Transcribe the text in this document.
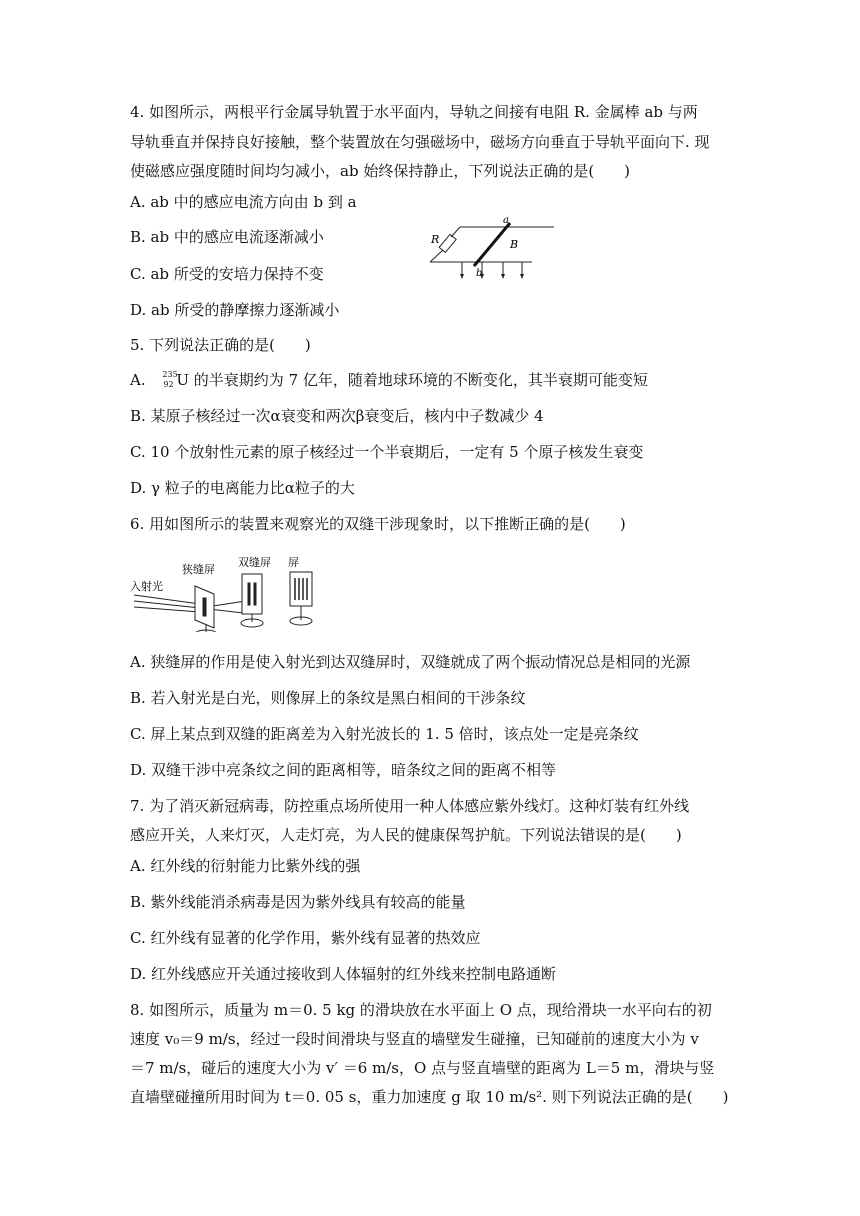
4. 如图所示，两根平行金属导轨置于水平面内，导轨之间接有电阻 R. 金属棒 ab 与两
导轨垂直并保持良好接触，整个装置放在匀强磁场中，磁场方向垂直于导轨平面向下. 现
使磁感应强度随时间均匀减小，ab 始终保持静止，下列说法正确的是(　　)
A. ab 中的感应电流方向由 b 到 a
B. ab 中的感应电流逐渐减小
C. ab 所受的安培力保持不变
D. ab 所受的静摩擦力逐渐减小
R
a
b
B
5. 下列说法正确的是(　　)
A. 235
92 U 的半衰期约为 7 亿年，随着地球环境的不断变化，其半衰期可能变短
B. 某原子核经过一次α衰变和两次β衰变后，核内中子数减少 4
C. 10 个放射性元素的原子核经过一个半衰期后，一定有 5 个原子核发生衰变
D. γ 粒子的电离能力比α粒子的大
6. 用如图所示的装置来观察光的双缝干涉现象时，以下推断正确的是(　　)
入射光
狭缝屏
双缝屏 屏
A. 狭缝屏的作用是使入射光到达双缝屏时，双缝就成了两个振动情况总是相同的光源
B. 若入射光是白光，则像屏上的条纹是黑白相间的干涉条纹
C. 屏上某点到双缝的距离差为入射光波长的 1. 5 倍时，该点处一定是亮条纹
D. 双缝干涉中亮条纹之间的距离相等，暗条纹之间的距离不相等
7. 为了消灭新冠病毒，防控重点场所使用一种人体感应紫外线灯。这种灯装有红外线
感应开关，人来灯灭，人走灯亮，为人民的健康保驾护航。下列说法错误的是(　　)
A. 红外线的衍射能力比紫外线的强
B. 紫外线能消杀病毒是因为紫外线具有较高的能量
C. 红外线有显著的化学作用，紫外线有显著的热效应
D. 红外线感应开关通过接收到人体辐射的红外线来控制电路通断
8. 如图所示，质量为 m＝0. 5 kg 的滑块放在水平面上 O 点，现给滑块一水平向右的初
速度 v₀＝9 m/s，经过一段时间滑块与竖直的墙壁发生碰撞，已知碰前的速度大小为 v
＝7 m/s，碰后的速度大小为 v′ ＝6 m/s，O 点与竖直墙壁的距离为 L＝5 m，滑块与竖
直墙壁碰撞所用时间为 t＝0. 05 s，重力加速度 g 取 10 m/s². 则下列说法正确的是(　　)
